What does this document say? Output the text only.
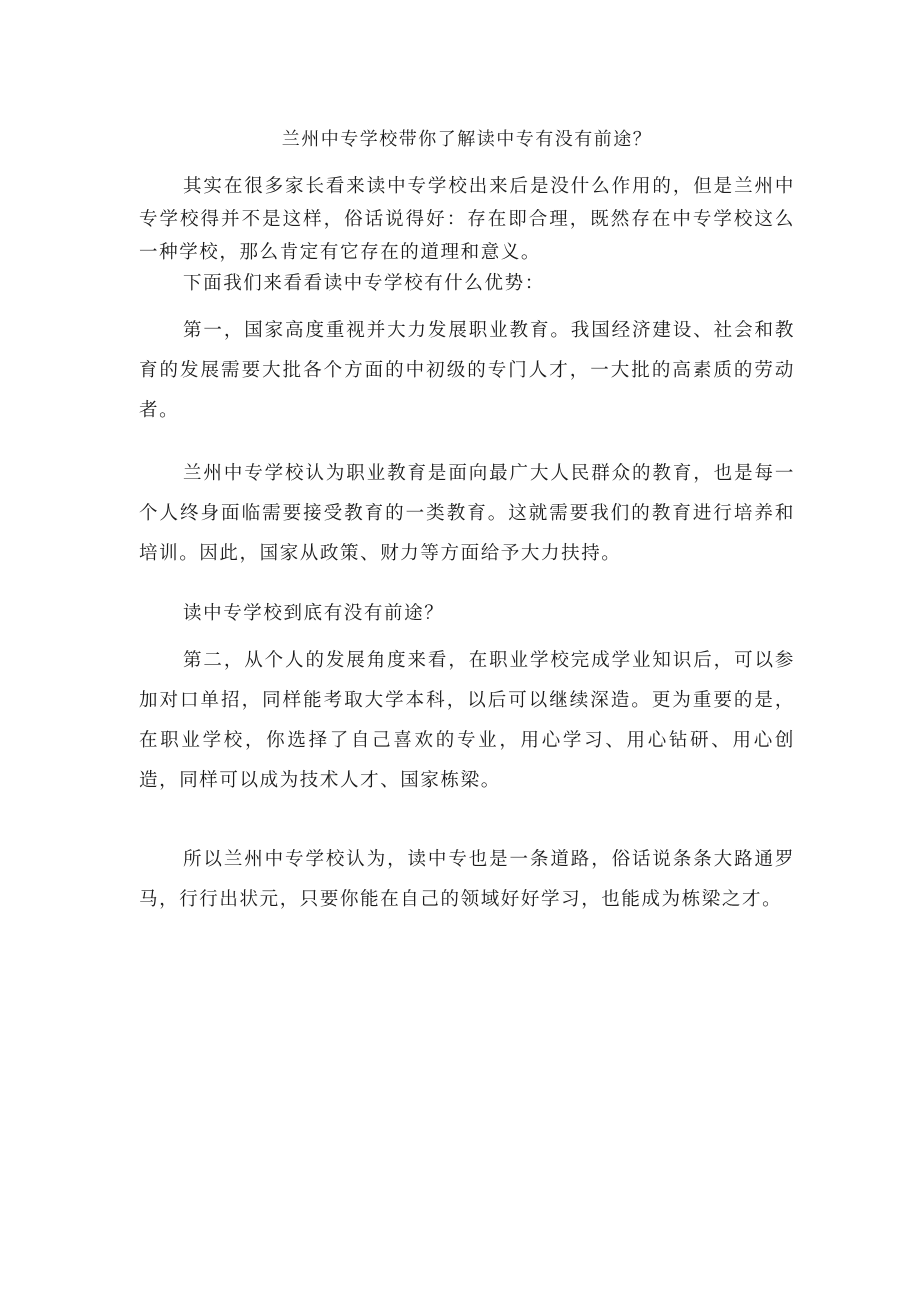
兰州中专学校带你了解读中专有没有前途？

其实在很多家长看来读中专学校出来后是没什么作用的，但是兰州中专学校得并不是这样，俗话说得好：存在即合理，既然存在中专学校这么一种学校，那么肯定有它存在的道理和意义。

下面我们来看看读中专学校有什么优势：

第一，国家高度重视并大力发展职业教育。我国经济建设、社会和教育的发展需要大批各个方面的中初级的专门人才，一大批的高素质的劳动者。

兰州中专学校认为职业教育是面向最广大人民群众的教育，也是每一个人终身面临需要接受教育的一类教育。这就需要我们的教育进行培养和培训。因此，国家从政策、财力等方面给予大力扶持。

读中专学校到底有没有前途？

第二，从个人的发展角度来看，在职业学校完成学业知识后，可以参加对口单招，同样能考取大学本科，以后可以继续深造。更为重要的是，在职业学校，你选择了自己喜欢的专业，用心学习、用心钻研、用心创造，同样可以成为技术人才、国家栋梁。

所以兰州中专学校认为，读中专也是一条道路，俗话说条条大路通罗马，行行出状元，只要你能在自己的领域好好学习，也能成为栋梁之才。
